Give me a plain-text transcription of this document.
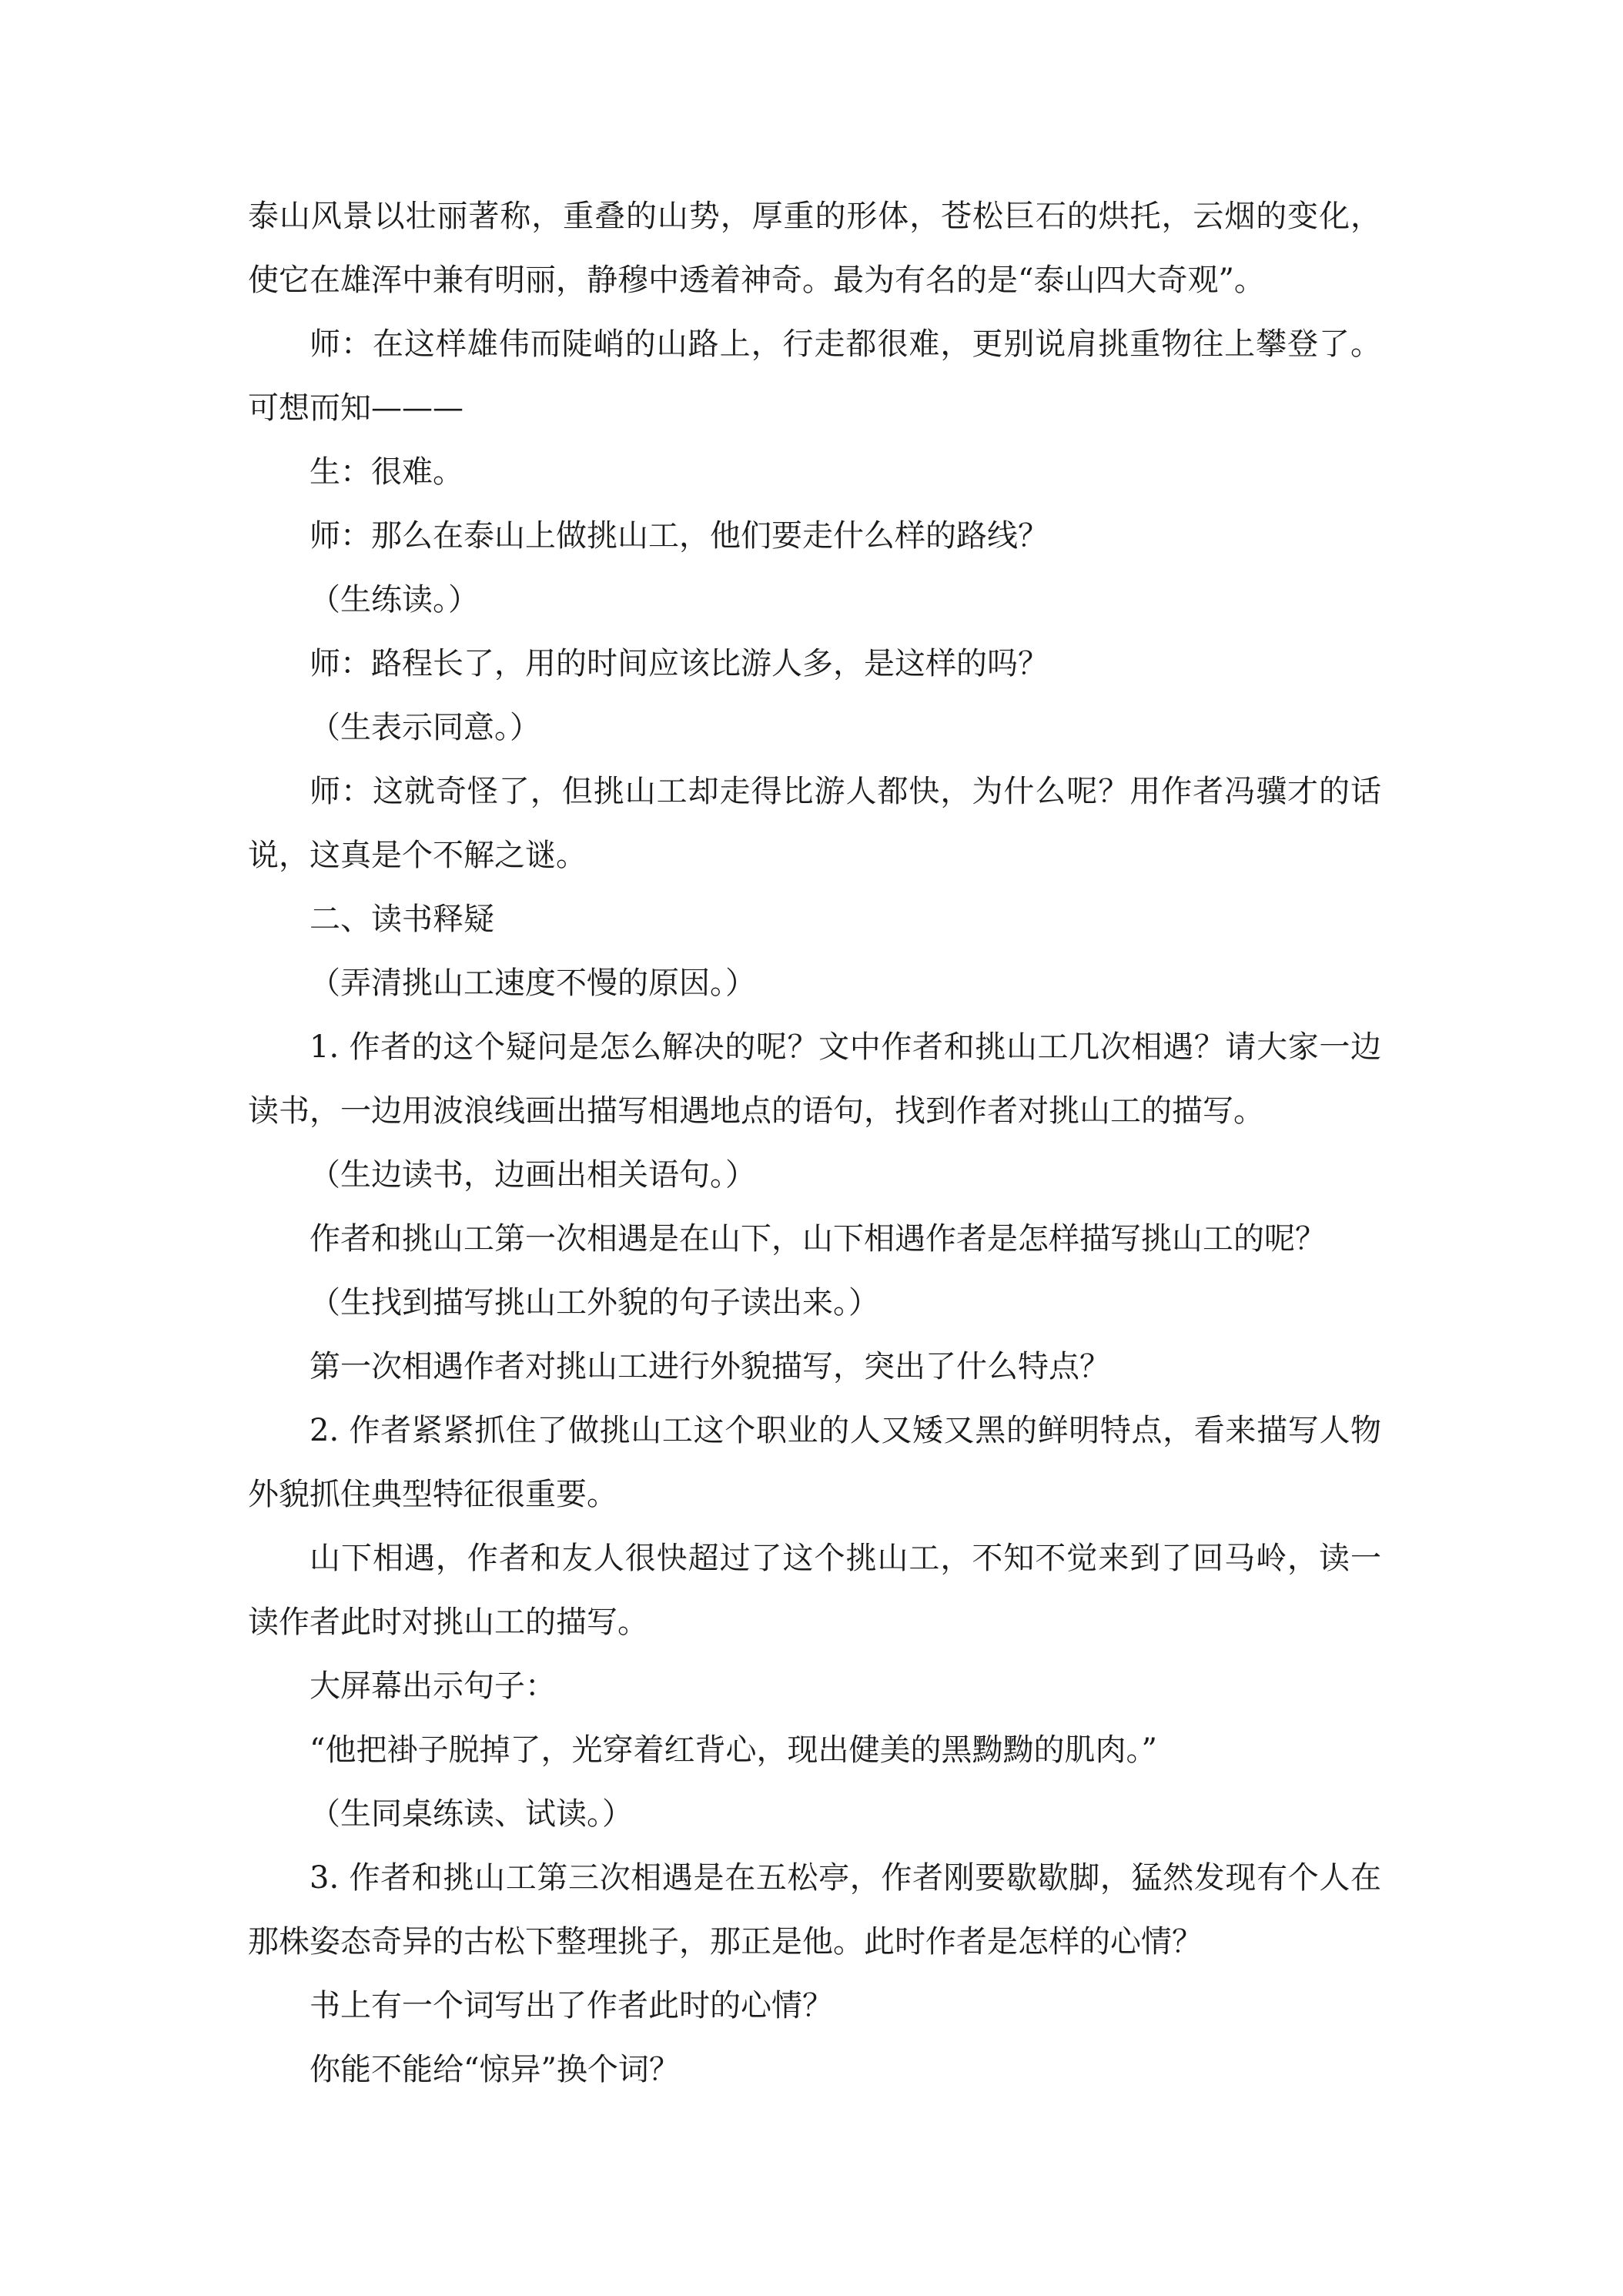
泰山风景以壮丽著称，重叠的山势，厚重的形体，苍松巨石的烘托，云烟的变化，使它在雄浑中兼有明丽，静穆中透着神奇。最为有名的是“泰山四大奇观”。

师：在这样雄伟而陡峭的山路上，行走都很难，更别说肩挑重物往上攀登了。可想而知———

生：很难。

师：那么在泰山上做挑山工，他们要走什么样的路线？

（生练读。）

师：路程长了，用的时间应该比游人多，是这样的吗？

（生表示同意。）

师：这就奇怪了，但挑山工却走得比游人都快，为什么呢？用作者冯骥才的话说，这真是个不解之谜。

二、读书释疑

（弄清挑山工速度不慢的原因。）

1. 作者的这个疑问是怎么解决的呢？文中作者和挑山工几次相遇？请大家一边读书，一边用波浪线画出描写相遇地点的语句，找到作者对挑山工的描写。

（生边读书，边画出相关语句。）

作者和挑山工第一次相遇是在山下，山下相遇作者是怎样描写挑山工的呢？

（生找到描写挑山工外貌的句子读出来。）

第一次相遇作者对挑山工进行外貌描写，突出了什么特点？

2. 作者紧紧抓住了做挑山工这个职业的人又矮又黑的鲜明特点，看来描写人物外貌抓住典型特征很重要。

山下相遇，作者和友人很快超过了这个挑山工，不知不觉来到了回马岭，读一读作者此时对挑山工的描写。

大屏幕出示句子：

“他把褂子脱掉了，光穿着红背心，现出健美的黑黝黝的肌肉。”

（生同桌练读、试读。）

3. 作者和挑山工第三次相遇是在五松亭，作者刚要歇歇脚，猛然发现有个人在那株姿态奇异的古松下整理挑子，那正是他。此时作者是怎样的心情？

书上有一个词写出了作者此时的心情？

你能不能给“惊异”换个词？
